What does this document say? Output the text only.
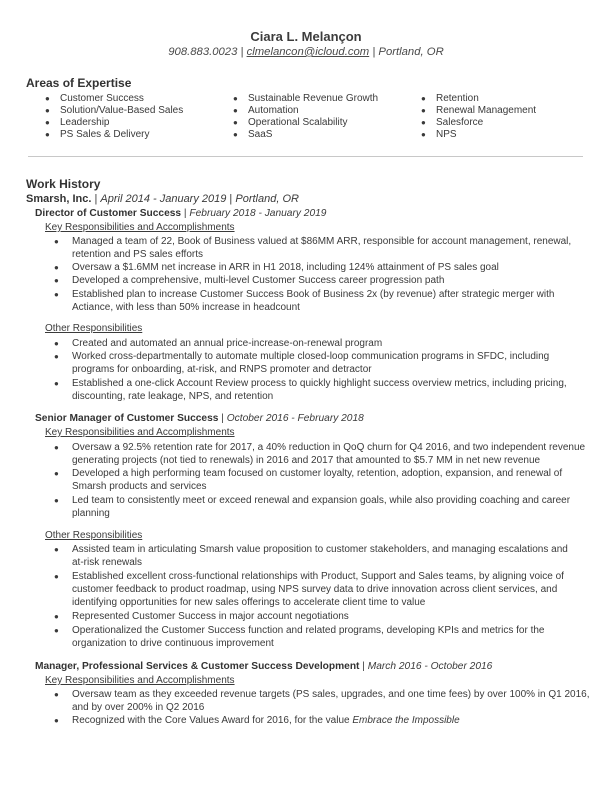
Ciara L. Melançon
908.883.0023 | clmelancon@icloud.com | Portland, OR
Areas of Expertise
● Customer Success
● Solution/Value-Based Sales
● Leadership
● PS Sales & Delivery
● Sustainable Revenue Growth
● Automation
● Operational Scalability
● SaaS
● Retention
● Renewal Management
● Salesforce
● NPS
Work History
Smarsh, Inc. | April 2014 - January 2019 | Portland, OR
Director of Customer Success | February 2018 - January 2019
Key Responsibilities and Accomplishments
● Managed a team of 22, Book of Business valued at $86MM ARR, responsible for account management, renewal,
retention and PS sales efforts
● Oversaw a $1.6MM net increase in ARR in H1 2018, including 124% attainment of PS sales goal
● Developed a comprehensive, multi-level Customer Success career progression path
● Established plan to increase Customer Success Book of Business 2x (by revenue) after strategic merger with
Actiance, with less than 50% increase in headcount
Other Responsibilities
● Created and automated an annual price-increase-on-renewal program
● Worked cross-departmentally to automate multiple closed-loop communication programs in SFDC, including
programs for onboarding, at-risk, and RNPS promoter and detractor
● Established a one-click Account Review process to quickly highlight success overview metrics, including pricing,
discounting, rate leakage, NPS, and retention
Senior Manager of Customer Success | October 2016 - February 2018
Key Responsibilities and Accomplishments
● Oversaw a 92.5% retention rate for 2017, a 40% reduction in QoQ churn for Q4 2016, and two independent revenue
generating projects (not tied to renewals) in 2016 and 2017 that amounted to $5.7 MM in net new revenue
● Developed a high performing team focused on customer loyalty, retention, adoption, expansion, and renewal of
Smarsh products and services
● Led team to consistently meet or exceed renewal and expansion goals, while also providing coaching and career
planning
Other Responsibilities
● Assisted team in articulating Smarsh value proposition to customer stakeholders, and managing escalations and
at-risk renewals
● Established excellent cross-functional relationships with Product, Support and Sales teams, by aligning voice of
customer feedback to product roadmap, using NPS survey data to drive innovation across client services, and
identifying opportunities for new sales offerings to accelerate client time to value
● Represented Customer Success in major account negotiations
● Operationalized the Customer Success function and related programs, developing KPIs and metrics for the
organization to drive continuous improvement
Manager, Professional Services & Customer Success Development | March 2016 - October 2016
Key Responsibilities and Accomplishments
● Oversaw team as they exceeded revenue targets (PS sales, upgrades, and one time fees) by over 100% in Q1 2016,
and by over 200% in Q2 2016
● Recognized with the Core Values Award for 2016, for the value Embrace the Impossible
